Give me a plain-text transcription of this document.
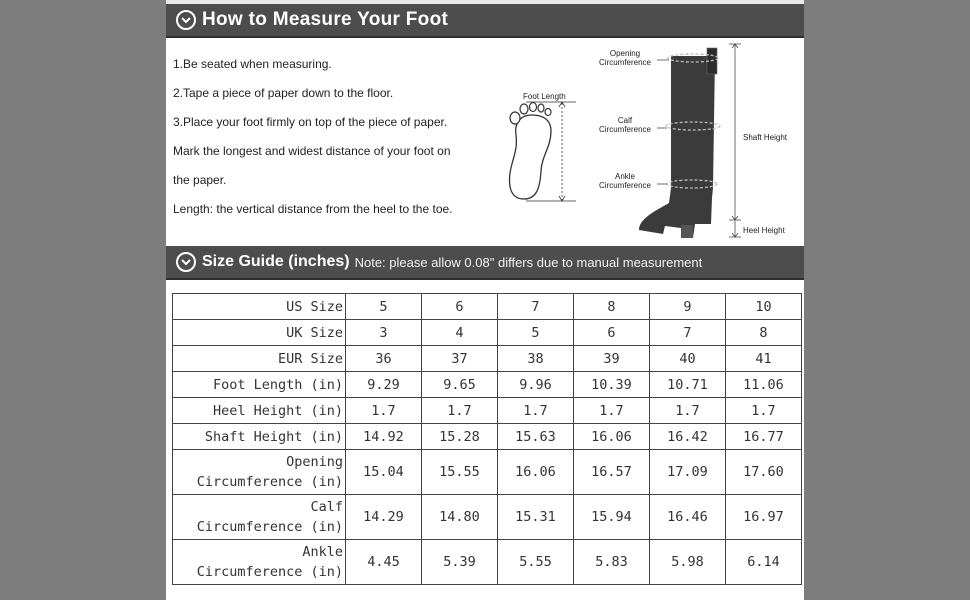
How to Measure Your Foot
1.Be seated when measuring.
2.Tape a piece of paper down to the floor.
3.Place your foot firmly on top of the piece of paper.
Mark the longest and widest distance of your foot on
the paper.
Length: the vertical distance from the heel to the toe.
Foot Length
Opening
Circumference
Calf
Circumference
Ankle
Circumference
Shaft Height
Heel Height
Size Guide (inches) Note: please allow 0.08" differs due to manual measurement
US Size	5	6	7	8	9	10

UK Size	3	4	5	6	7	8

EUR Size	36	37	38	39	40	41

Foot Length (in)	9.29	9.65	9.96	10.39	10.71	11.06

Heel Height (in)	1.7	1.7	1.7	1.7	1.7	1.7

Shaft Height (in)	14.92	15.28	15.63	16.06	16.42	16.77

Opening
Circumference (in)	15.04	15.55	16.06	16.57	17.09	17.60

Calf
Circumference (in)	14.29	14.80	15.31	15.94	16.46	16.97

Ankle
Circumference (in)	4.45	5.39	5.55	5.83	5.98	6.14
